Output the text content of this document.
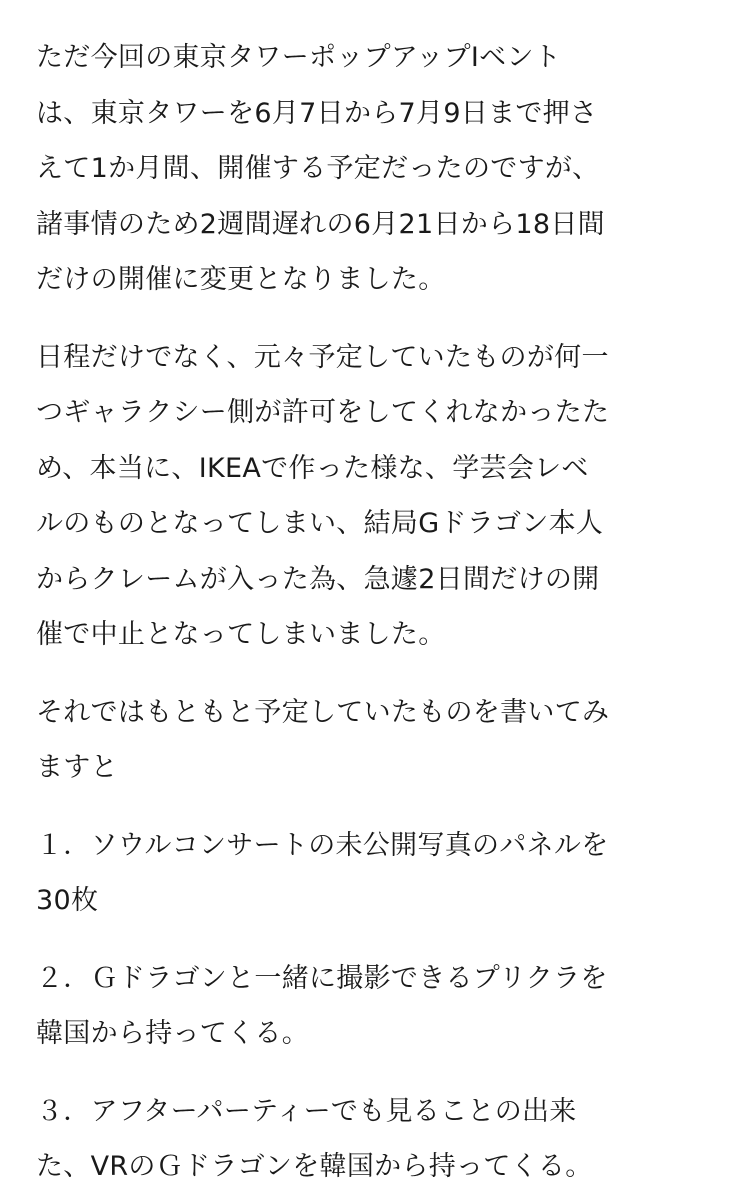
ただ今回の東京タワーポップアップIベント
は、東京タワーを6月7日から7月9日まで押さ
えて1か月間、開催する予定だったのですが、
諸事情のため2週間遅れの6月21日から18日間
だけの開催に変更となりました。
日程だけでなく、元々予定していたものが何一
つギャラクシー側が許可をしてくれなかったた
め、本当に、IKEAで作った様な、学芸会レベ
ルのものとなってしまい、結局Gドラゴン本人
からクレームが入った為、急遽2日間だけの開
催で中止となってしまいました。
それではもともと予定していたものを書いてみ
ますと
１．ソウルコンサートの未公開写真のパネルを
30枚
２．Ｇドラゴンと一緒に撮影できるプリクラを
韓国から持ってくる。
３．アフターパーティーでも見ることの出来
た、VRのＧドラゴンを韓国から持ってくる。
